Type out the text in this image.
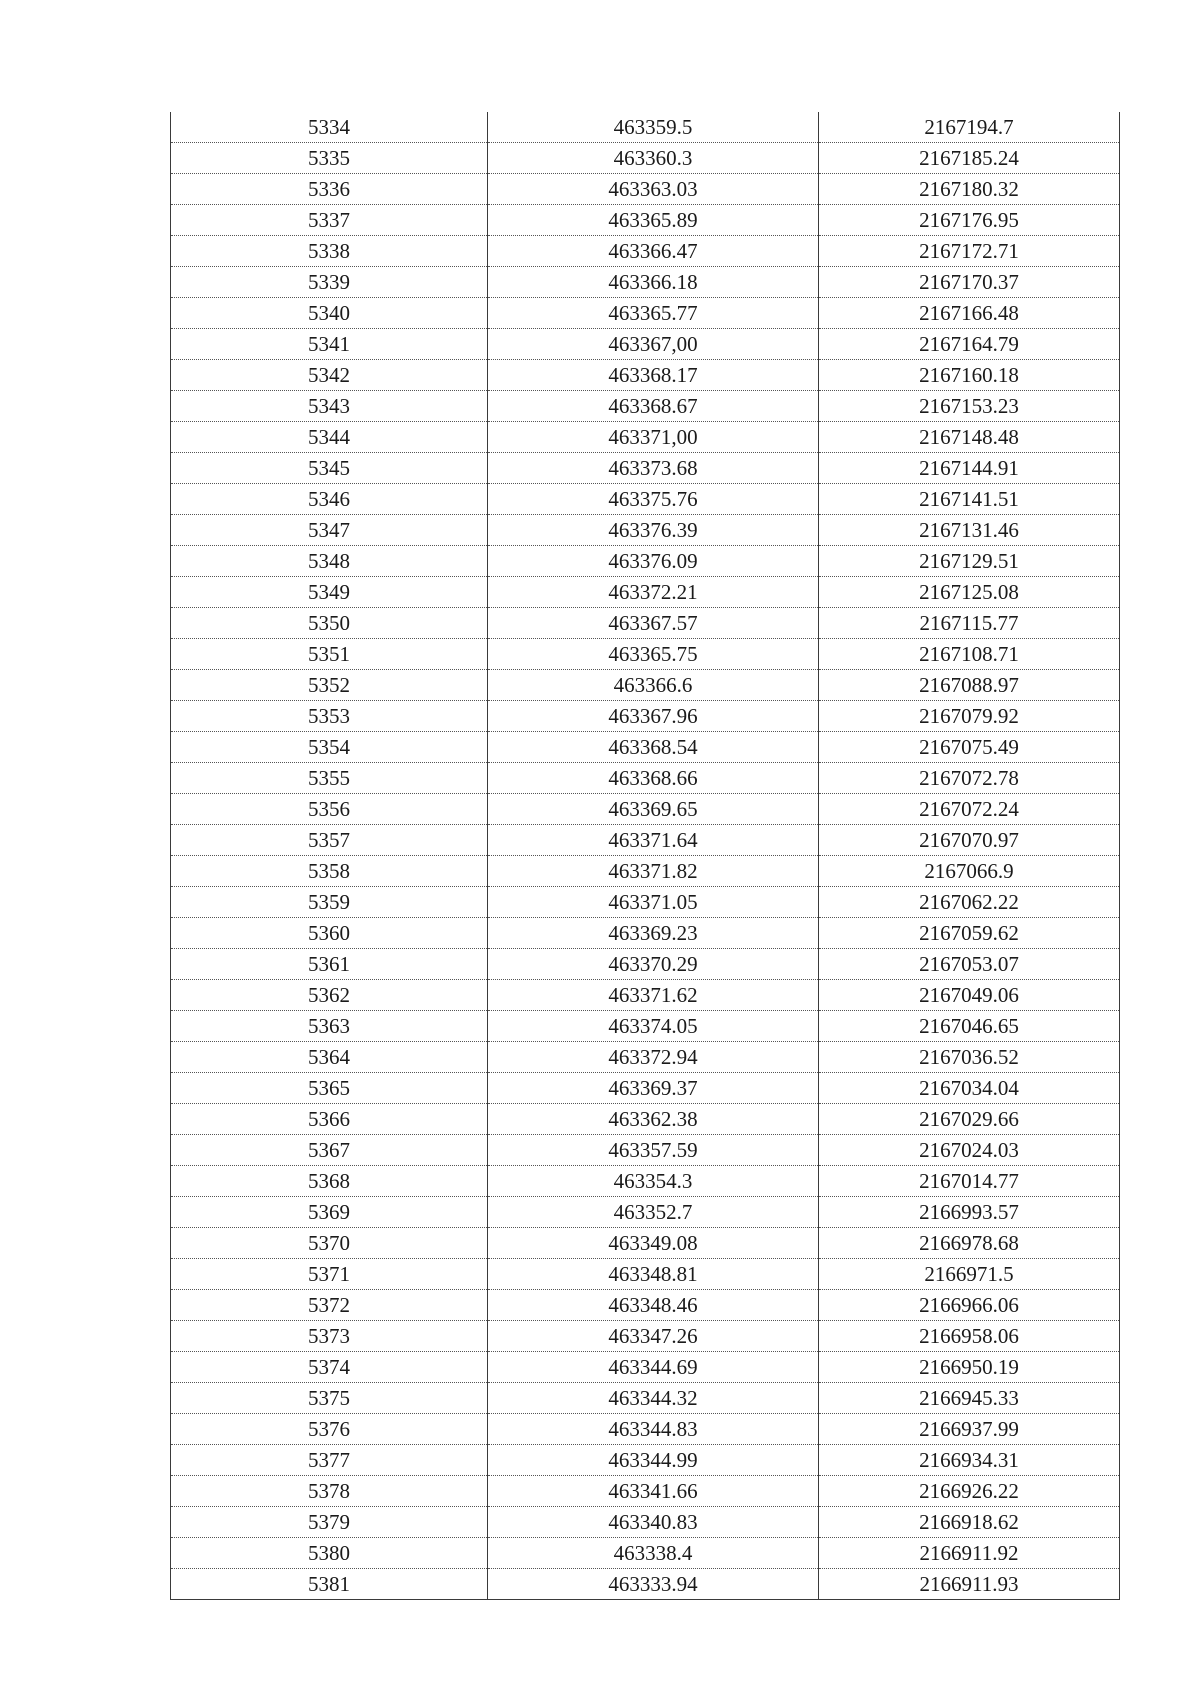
5334	463359.5	2167194.7
5335	463360.3	2167185.24
5336	463363.03	2167180.32
5337	463365.89	2167176.95
5338	463366.47	2167172.71
5339	463366.18	2167170.37
5340	463365.77	2167166.48
5341	463367,00	2167164.79
5342	463368.17	2167160.18
5343	463368.67	2167153.23
5344	463371,00	2167148.48
5345	463373.68	2167144.91
5346	463375.76	2167141.51
5347	463376.39	2167131.46
5348	463376.09	2167129.51
5349	463372.21	2167125.08
5350	463367.57	2167115.77
5351	463365.75	2167108.71
5352	463366.6	2167088.97
5353	463367.96	2167079.92
5354	463368.54	2167075.49
5355	463368.66	2167072.78
5356	463369.65	2167072.24
5357	463371.64	2167070.97
5358	463371.82	2167066.9
5359	463371.05	2167062.22
5360	463369.23	2167059.62
5361	463370.29	2167053.07
5362	463371.62	2167049.06
5363	463374.05	2167046.65
5364	463372.94	2167036.52
5365	463369.37	2167034.04
5366	463362.38	2167029.66
5367	463357.59	2167024.03
5368	463354.3	2167014.77
5369	463352.7	2166993.57
5370	463349.08	2166978.68
5371	463348.81	2166971.5
5372	463348.46	2166966.06
5373	463347.26	2166958.06
5374	463344.69	2166950.19
5375	463344.32	2166945.33
5376	463344.83	2166937.99
5377	463344.99	2166934.31
5378	463341.66	2166926.22
5379	463340.83	2166918.62
5380	463338.4	2166911.92
5381	463333.94	2166911.93
